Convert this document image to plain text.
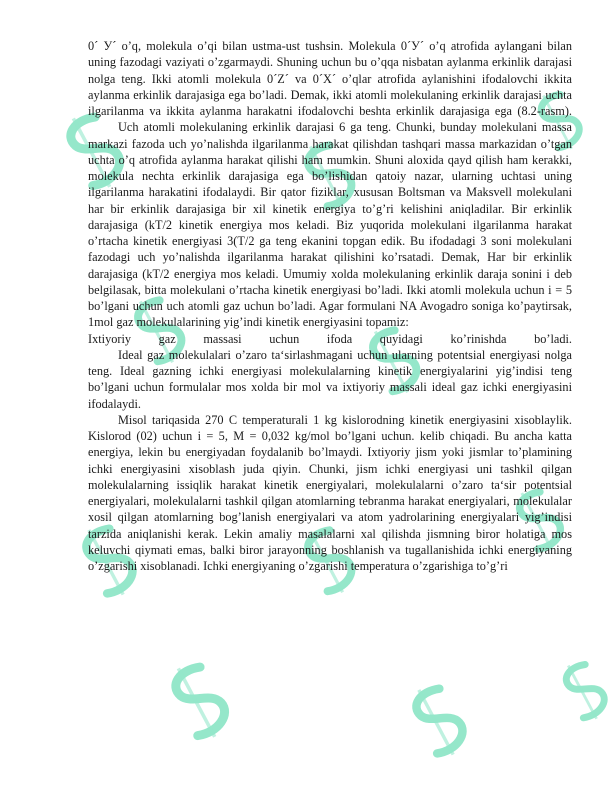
0´ У´ o’q, molekula o’qi bilan ustma-ust tushsin. Molekula 0´У´ o’q atrofida aylangani bilan uning fazodagi vaziyati o’zgarmaydi. Shuning uchun bu o’qqa nisbatan aylanma erkinlik darajasi nolga teng. Ikki atomli molekula 0´Z´ va 0´X´ o’qlar atrofida aylanishini ifodalovchi ikkita aylanma erkinlik darajasiga ega bo’ladi. Demak, ikki atomli molekulaning erkinlik darajasi uchta ilgarilanma va ikkita aylanma harakatni ifodalovchi beshta erkinlik darajasiga ega (8.2-rasm).

Uch atomli molekulaning erkinlik darajasi 6 ga teng. Chunki, bunday molekulani massa markazi fazoda uch yo’nalishda ilgarilanma harakat qilishdan tashqari massa markazidan o’tgan uchta o’q atrofida aylanma harakat qilishi ham mumkin. Shuni aloxida qayd qilish ham kerakki, molekula nechta erkinlik darajasiga ega bo’lishidan qatoiy nazar, ularning uchtasi uning ilgarilanma harakatini ifodalaydi. Bir qator fiziklar, xususan Boltsman va Maksvell molekulani har bir erkinlik darajasiga bir xil kinetik energiya to’g’ri kelishini aniqladilar. Bir erkinlik darajasiga (kT/2 kinetik energiya mos keladi. Biz yuqorida molekulani ilgarilanma harakat o’rtacha kinetik energiyasi 3(T/2 ga teng ekanini topgan edik. Bu ifodadagi 3 soni molekulani fazodagi uch yo’nalishda ilgarilanma harakat qilishini ko’rsatadi. Demak, Har bir erkinlik darajasiga (kT/2 energiya mos keladi. Umumiy xolda molekulaning erkinlik daraja sonini i deb belgilasak, bitta molekulani o’rtacha kinetik energiyasi bo’ladi. Ikki atomli molekula uchun i = 5 bo’lgani uchun uch atomli gaz uchun bo’ladi. Agar formulani NA Avogadro soniga ko’paytirsak, 1mol gaz molekulalarining yig’indi kinetik energiyasini topamiz:

Ixtiyoriy gaz massasi uchun ifoda quyidagi ko’rinishda bo’ladi.

Ideal gaz molekulalari o’zaro ta‘sirlashmagani uchun ularning potentsial energiyasi nolga teng. Ideal gazning ichki energiyasi molekulalarning kinetik energiyalarini yig’indisi teng bo’lgani uchun formulalar mos xolda bir mol va ixtiyoriy massali ideal gaz ichki energiyasini ifodalaydi.

Misol tariqasida 270 C temperaturali 1 kg kislorodning kinetik energiyasini xisoblaylik. Kislorod (02) uchun i = 5, M = 0,032 kg/mol bo’lgani uchun. kelib chiqadi. Bu ancha katta energiya, lekin bu energiyadan foydalanib bo’lmaydi. Ixtiyoriy jism yoki jismlar to’plamining ichki energiyasini xisoblash juda qiyin. Chunki, jism ichki energiyasi uni tashkil qilgan molekulalarning issiqlik harakat kinetik energiyalari, molekulalarni o’zaro ta‘sir potentsial energiyalari, molekulalarni tashkil qilgan atomlarning tebranma harakat energiyalari, molekulalar xosil qilgan atomlarning bog’lanish energiyalari va atom yadrolarining energiyalari yig’indisi tarzida aniqlanishi kerak. Lekin amaliy masalalarni xal qilishda jismning biror holatiga mos keluvchi qiymati emas, balki biror jarayonning boshlanish va tugallanishida ichki energiyaning o’zgarishi xisoblanadi. Ichki energiyaning o’zgarishi temperatura o’zgarishiga to’g’ri
